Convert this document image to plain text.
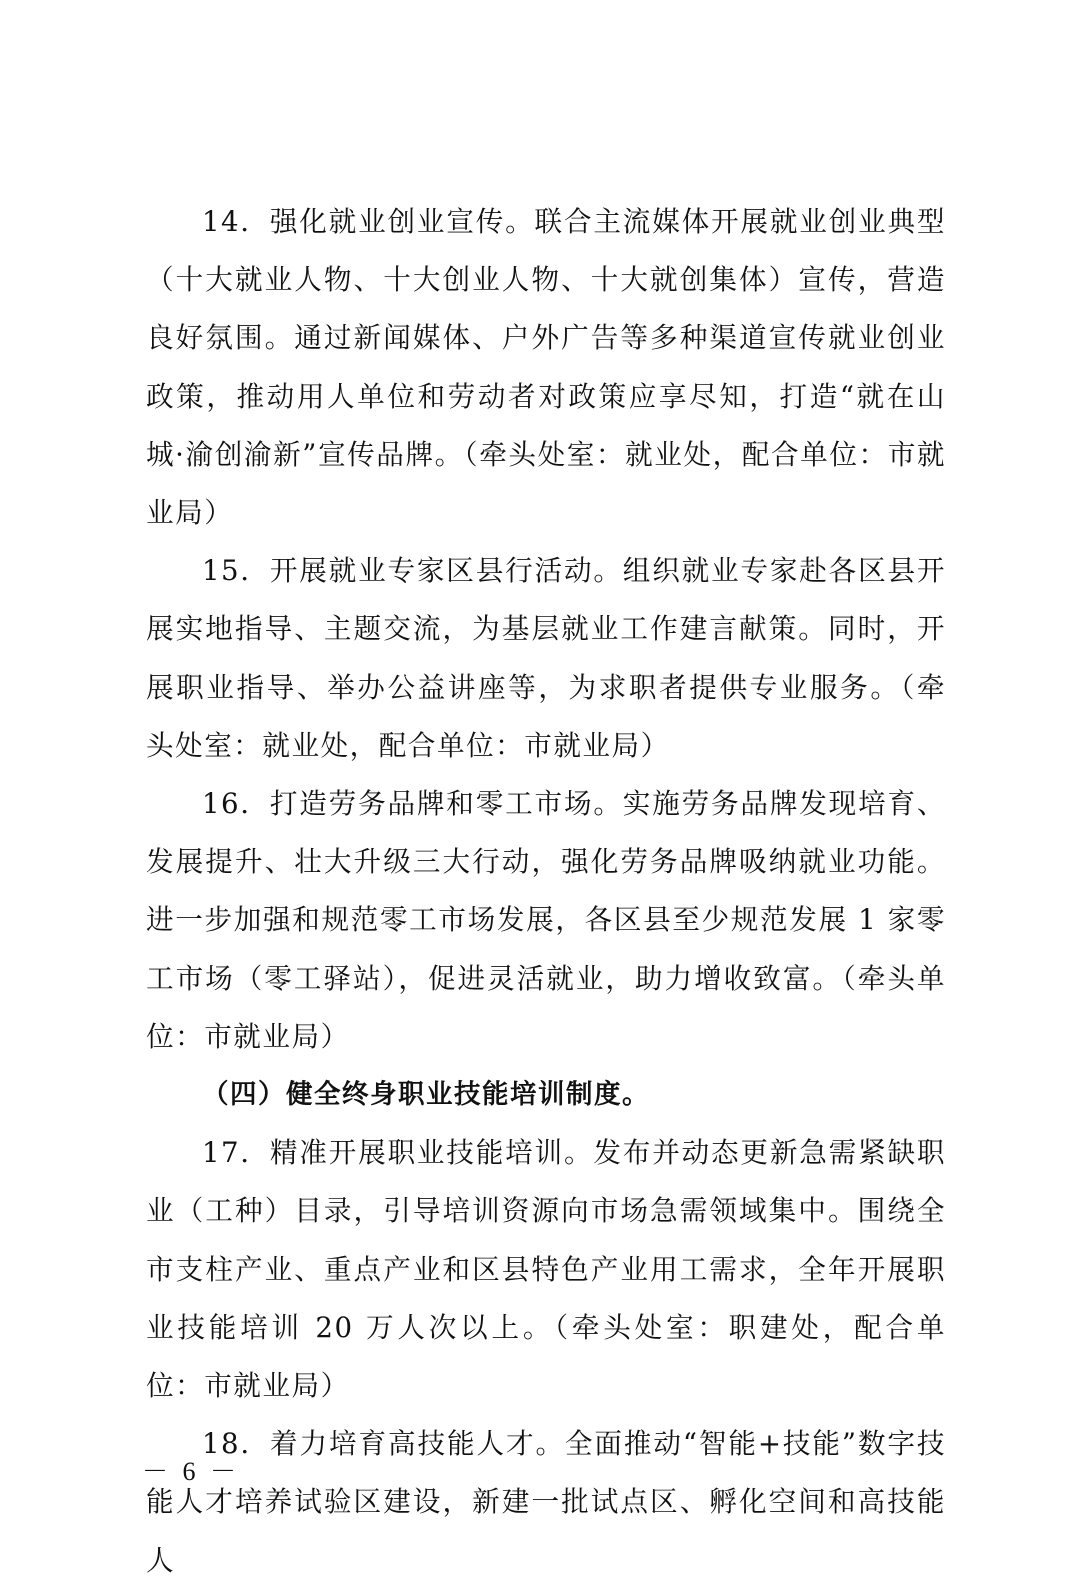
14．强化就业创业宣传。联合主流媒体开展就业创业典型（十大就业人物、十大创业人物、十大就创集体）宣传，营造良好氛围。通过新闻媒体、户外广告等多种渠道宣传就业创业政策，推动用人单位和劳动者对政策应享尽知，打造“就在山城·渝创渝新”宣传品牌。（牵头处室：就业处，配合单位：市就业局）

15．开展就业专家区县行活动。组织就业专家赴各区县开展实地指导、主题交流，为基层就业工作建言献策。同时，开展职业指导、举办公益讲座等，为求职者提供专业服务。（牵头处室：就业处，配合单位：市就业局）

16．打造劳务品牌和零工市场。实施劳务品牌发现培育、发展提升、壮大升级三大行动，强化劳务品牌吸纳就业功能。进一步加强和规范零工市场发展，各区县至少规范发展 1 家零工市场（零工驿站），促进灵活就业，助力增收致富。（牵头单位：市就业局）

（四）健全终身职业技能培训制度。

17．精准开展职业技能培训。发布并动态更新急需紧缺职业（工种）目录，引导培训资源向市场急需领域集中。围绕全市支柱产业、重点产业和区县特色产业用工需求，全年开展职业技能培训 20 万人次以上。（牵头处室：职建处，配合单位：市就业局）

18．着力培育高技能人才。全面推动“智能+技能”数字技能人才培养试验区建设，新建一批试点区、孵化空间和高技能人

－ 6 －
